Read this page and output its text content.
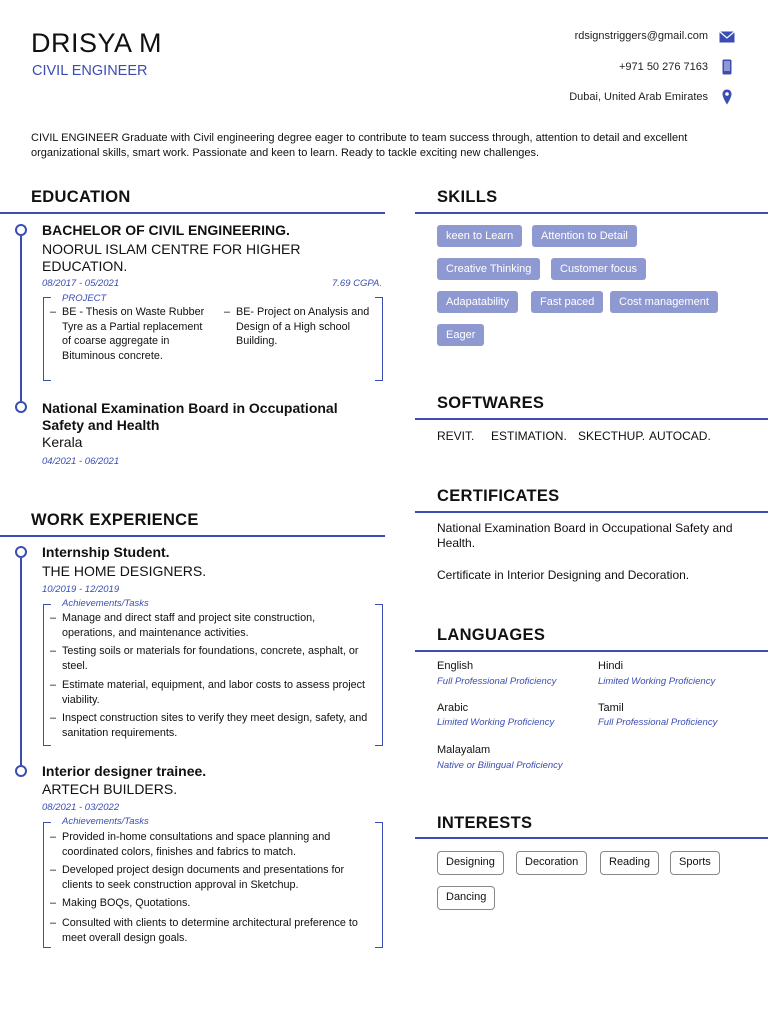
DRISYA M
CIVIL ENGINEER
rdsignstriggers@gmail.com
+971 50 276 7163
Dubai, United Arab Emirates
CIVIL ENGINEER Graduate with Civil engineering degree eager to contribute to team success through, attention to detail and excellent organizational skills, smart work. Passionate and keen to learn. Ready to tackle exciting new challenges.
EDUCATION
BACHELOR OF CIVIL ENGINEERING.
NOORUL ISLAM CENTRE FOR HIGHER EDUCATION.
08/2017 - 05/2021	7.69 CGPA.
PROJECT
– BE - Thesis on Waste Rubber Tyre as a Partial replacement of coarse aggregate in Bituminous concrete.
– BE- Project on Analysis and Design of a High school Building.
National Examination Board in Occupational Safety and Health
Kerala
04/2021 - 06/2021
WORK EXPERIENCE
Internship Student.
THE HOME DESIGNERS.
10/2019 - 12/2019
Achievements/Tasks
– Manage and direct staff and project site construction, operations, and maintenance activities.
– Testing soils or materials for foundations, concrete, asphalt, or steel.
– Estimate material, equipment, and labor costs to assess project viability.
– Inspect construction sites to verify they meet design, safety, and sanitation requirements.
Interior designer trainee.
ARTECH BUILDERS.
08/2021 - 03/2022
Achievements/Tasks
– Provided in-home consultations and space planning and coordinated colors, finishes and fabrics to match.
– Developed project design documents and presentations for clients to seek construction approval in Sketchup.
– Making BOQs, Quotations.
– Consulted with clients to determine architectural preference to meet overall design goals.
SKILLS
keen to Learn	Attention to Detail
Creative Thinking	Customer focus
Adapatability	Fast paced	Cost management
Eager
SOFTWARES
REVIT. ESTIMATION. SKECTHUP. AUTOCAD.
CERTIFICATES
National Examination Board in Occupational Safety and Health.
Certificate in Interior Designing and Decoration.
LANGUAGES
English
Full Professional Proficiency
Hindi
Limited Working Proficiency
Arabic
Limited Working Proficiency
Tamil
Full Professional Proficiency
Malayalam
Native or Bilingual Proficiency
INTERESTS
Designing	Decoration	Reading	Sports
Dancing
